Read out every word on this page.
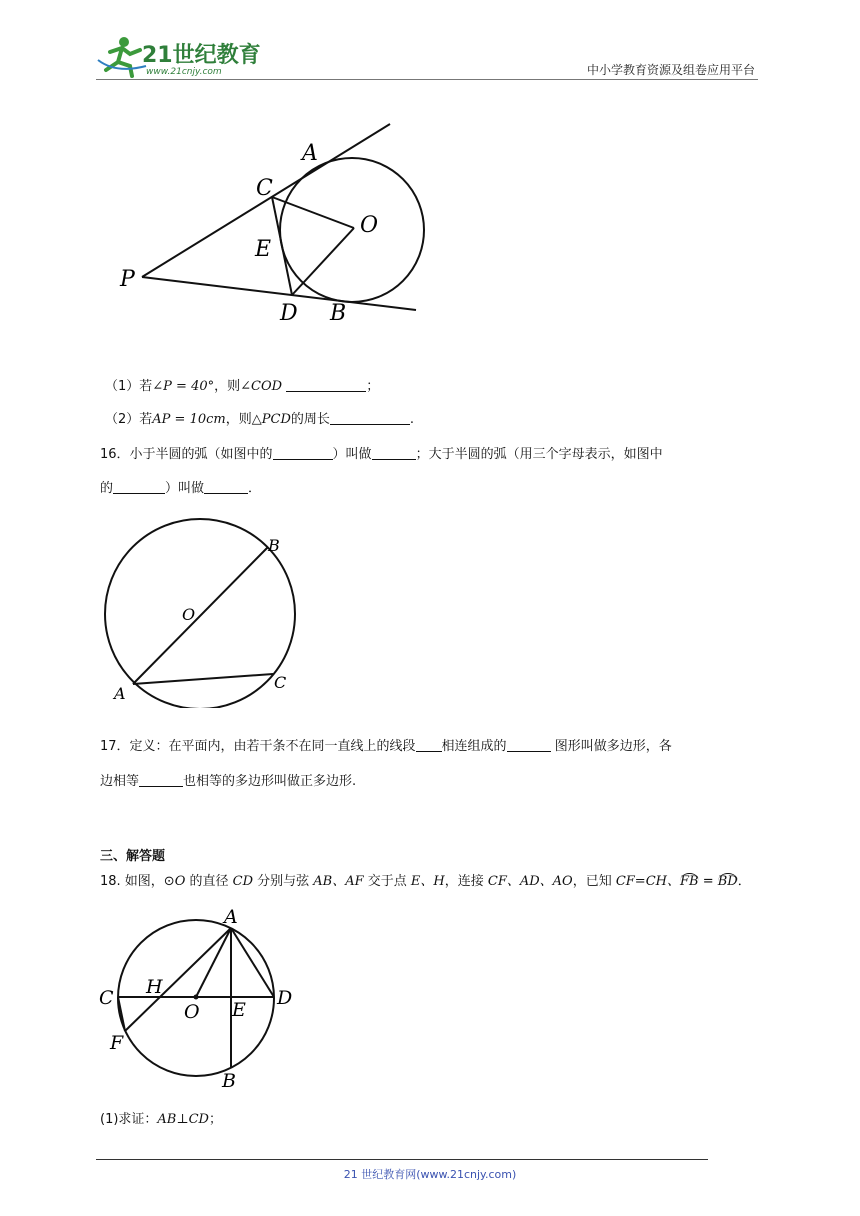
21世纪教育
www.21cnjy.com	中小学教育资源及组卷应用平台
A
C
O
E
P
D B
（1）若∠P = 40°，则∠COD	；
（2）若AP = 10cm，则△PCD的周长	.
16．小于半圆的弧（如图中的	）叫做	；大于半圆的弧（用三个字母表示，如图中
的	）叫做	．
B
O
A
C
17．定义：在平面内，由若干条不在同一直线上的线段 相连组成的	图形叫做多边形，各
边相等	也相等的多边形叫做正多边形.
三、解答题
18. 如图，⊙O 的直径 CD 分别与弦 AB、AF 交于点 E、H，连接 CF、AD、AO，已知 CF=CH、FB = BD．
A
C H	D
O E
F
B
(1)求证：AB⊥CD；
21 世纪教育网(www.21cnjy.com)
